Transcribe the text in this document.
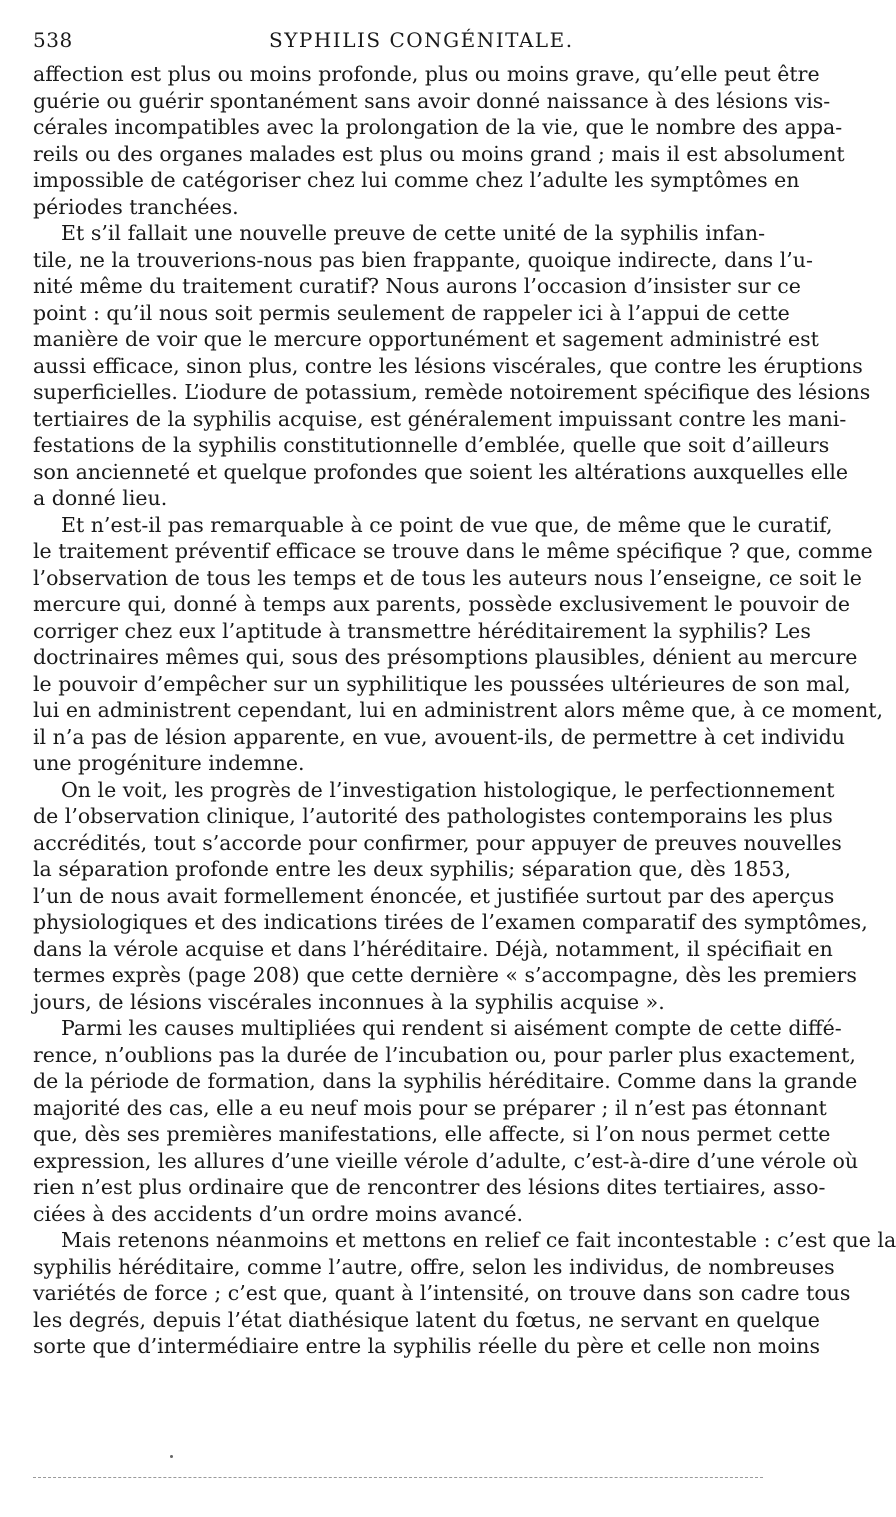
538	SYPHILIS CONGÉNITALE.
affection est plus ou moins profonde, plus ou moins grave, qu’elle peut être
guérie ou guérir spontanément sans avoir donné naissance à des lésions vis-
cérales incompatibles avec la prolongation de la vie, que le nombre des appa-
reils ou des organes malades est plus ou moins grand ; mais il est absolument
impossible de catégoriser chez lui comme chez l’adulte les symptômes en
périodes tranchées.
Et s’il fallait une nouvelle preuve de cette unité de la syphilis infan-
tile, ne la trouverions-nous pas bien frappante, quoique indirecte, dans l’u-
nité même du traitement curatif? Nous aurons l’occasion d’insister sur ce
point : qu’il nous soit permis seulement de rappeler ici à l’appui de cette
manière de voir que le mercure opportunément et sagement administré est
aussi efficace, sinon plus, contre les lésions viscérales, que contre les éruptions
superficielles. L’iodure de potassium, remède notoirement spécifique des lésions
tertiaires de la syphilis acquise, est généralement impuissant contre les mani-
festations de la syphilis constitutionnelle d’emblée, quelle que soit d’ailleurs
son ancienneté et quelque profondes que soient les altérations auxquelles elle
a donné lieu.
Et n’est-il pas remarquable à ce point de vue que, de même que le curatif,
le traitement préventif efficace se trouve dans le même spécifique ? que, comme
l’observation de tous les temps et de tous les auteurs nous l’enseigne, ce soit le
mercure qui, donné à temps aux parents, possède exclusivement le pouvoir de
corriger chez eux l’aptitude à transmettre héréditairement la syphilis? Les
doctrinaires mêmes qui, sous des présomptions plausibles, dénient au mercure
le pouvoir d’empêcher sur un syphilitique les poussées ultérieures de son mal,
lui en administrent cependant, lui en administrent alors même que, à ce moment,
il n’a pas de lésion apparente, en vue, avouent-ils, de permettre à cet individu
une progéniture indemne.
On le voit, les progrès de l’investigation histologique, le perfectionnement
de l’observation clinique, l’autorité des pathologistes contemporains les plus
accrédités, tout s’accorde pour confirmer, pour appuyer de preuves nouvelles
la séparation profonde entre les deux syphilis; séparation que, dès 1853,
l’un de nous avait formellement énoncée, et justifiée surtout par des aperçus
physiologiques et des indications tirées de l’examen comparatif des symptômes,
dans la vérole acquise et dans l’héréditaire. Déjà, notamment, il spécifiait en
termes exprès (page 208) que cette dernière « s’accompagne, dès les premiers
jours, de lésions viscérales inconnues à la syphilis acquise ».
Parmi les causes multipliées qui rendent si aisément compte de cette diffé-
rence, n’oublions pas la durée de l’incubation ou, pour parler plus exactement,
de la période de formation, dans la syphilis héréditaire. Comme dans la grande
majorité des cas, elle a eu neuf mois pour se préparer ; il n’est pas étonnant
que, dès ses premières manifestations, elle affecte, si l’on nous permet cette
expression, les allures d’une vieille vérole d’adulte, c’est-à-dire d’une vérole où
rien n’est plus ordinaire que de rencontrer des lésions dites tertiaires, asso-
ciées à des accidents d’un ordre moins avancé.
Mais retenons néanmoins et mettons en relief ce fait incontestable : c’est que la
syphilis héréditaire, comme l’autre, offre, selon les individus, de nombreuses
variétés de force ; c’est que, quant à l’intensité, on trouve dans son cadre tous
les degrés, depuis l’état diathésique latent du fœtus, ne servant en quelque
sorte que d’intermédiaire entre la syphilis réelle du père et celle non moins
